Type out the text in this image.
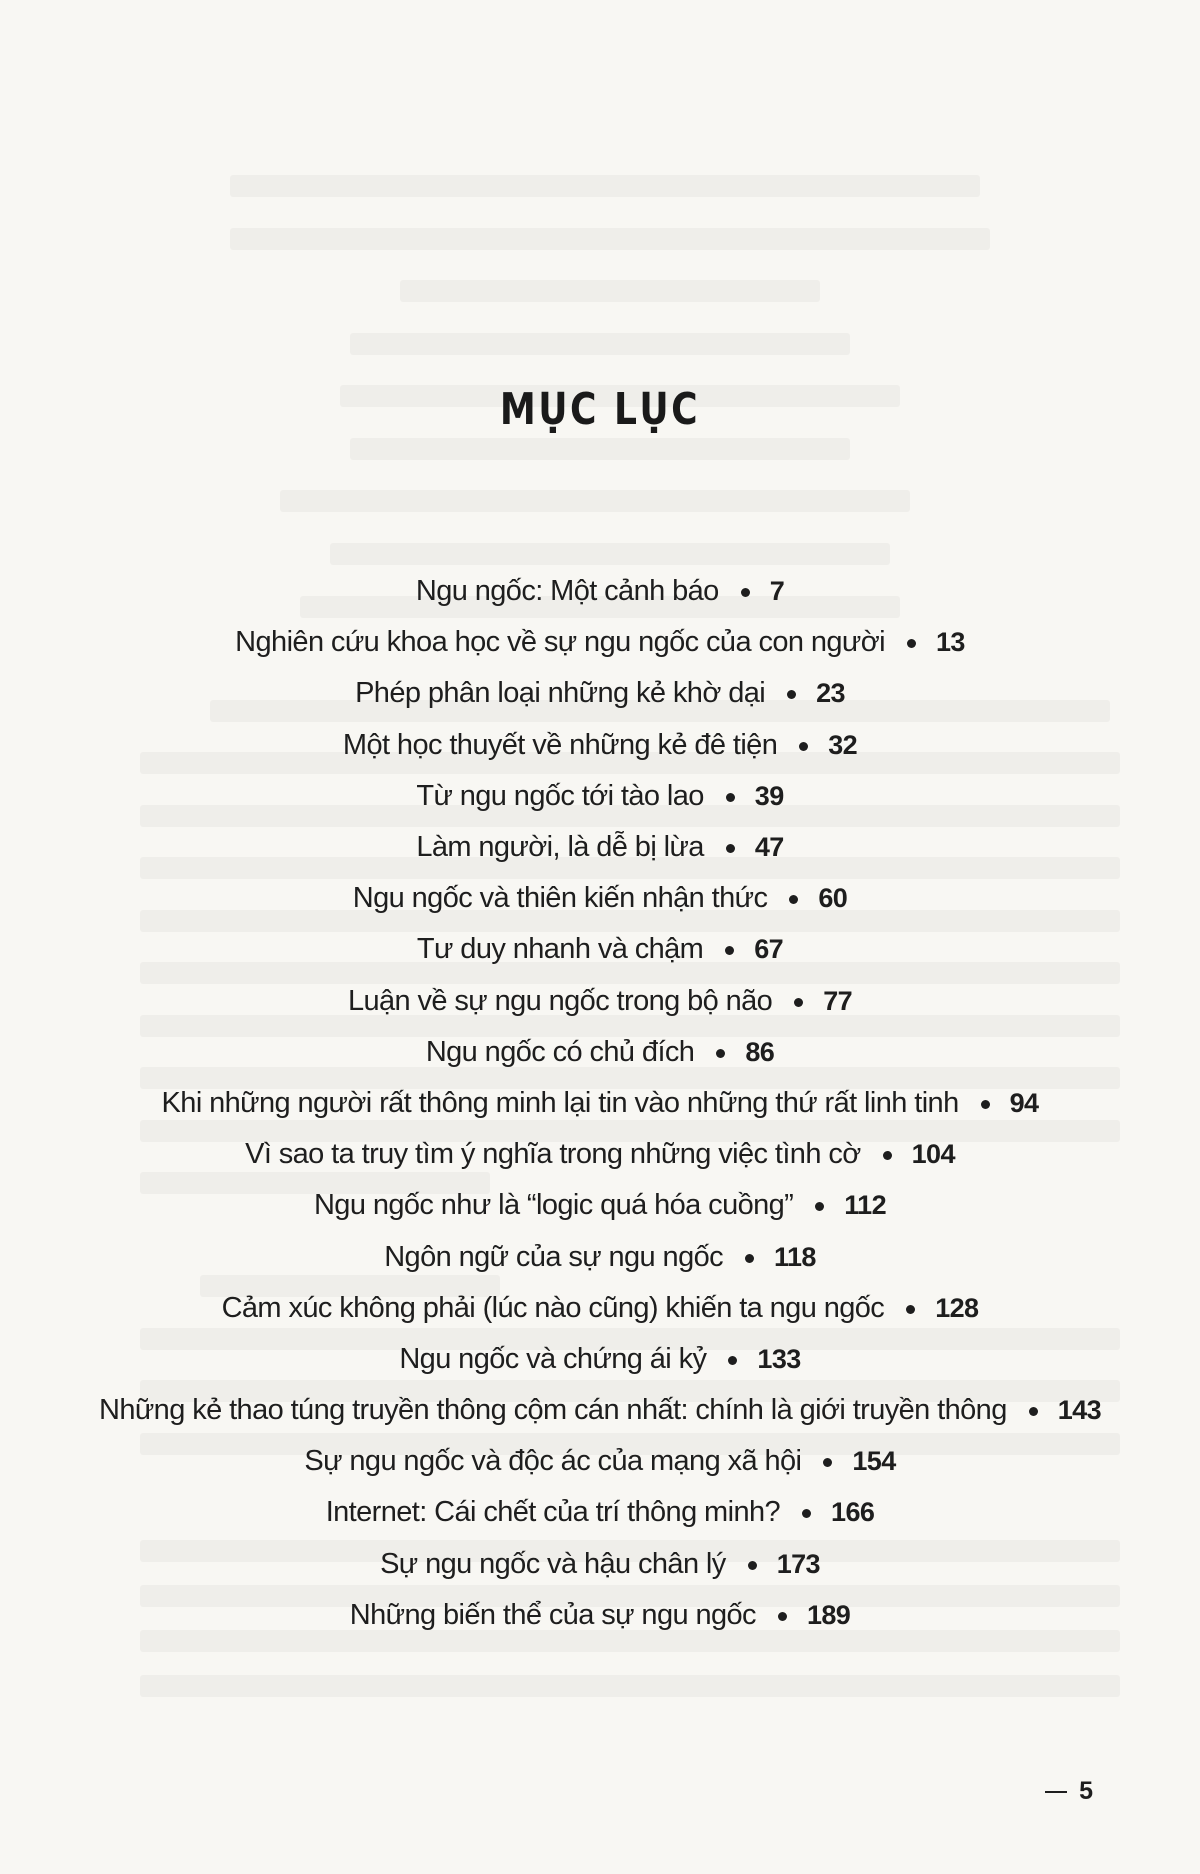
MỤC LỤC
Ngu ngốc: Một cảnh báo 7
Nghiên cứu khoa học về sự ngu ngốc của con người 13
Phép phân loại những kẻ khờ dại 23
Một học thuyết về những kẻ đê tiện 32
Từ ngu ngốc tới tào lao 39
Làm người, là dễ bị lừa 47
Ngu ngốc và thiên kiến nhận thức 60
Tư duy nhanh và chậm 67
Luận về sự ngu ngốc trong bộ não 77
Ngu ngốc có chủ đích 86
Khi những người rất thông minh lại tin vào những thứ rất linh tinh 94
Vì sao ta truy tìm ý nghĩa trong những việc tình cờ 104
Ngu ngốc như là “logic quá hóa cuồng” 112
Ngôn ngữ của sự ngu ngốc 118
Cảm xúc không phải (lúc nào cũng) khiến ta ngu ngốc 128
Ngu ngốc và chứng ái kỷ 133
Những kẻ thao túng truyền thông cộm cán nhất: chính là giới truyền thông 143
Sự ngu ngốc và độc ác của mạng xã hội 154
Internet: Cái chết của trí thông minh? 166
Sự ngu ngốc và hậu chân lý 173
Những biến thể của sự ngu ngốc 189
5
